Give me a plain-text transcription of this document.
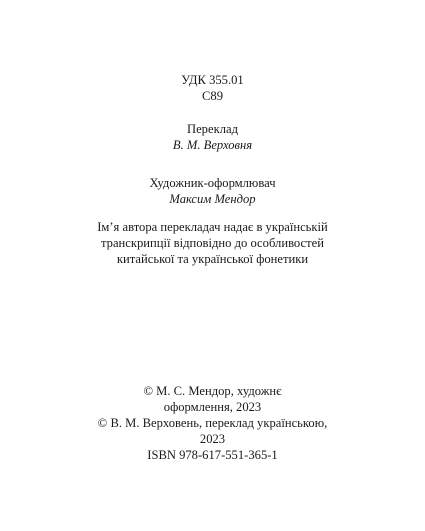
УДК 355.01
С89
Переклад
В. М. Верховня
Художник-оформлювач
Максим Мендор
Ім’я автора перекладач надає в українській
транскрипції відповідно до особливостей
китайської та української фонетики
© М. С. Мендор, художнє
оформлення, 2023
© В. М. Верховень, переклад українською,
2023
ISBN 978-617-551-365-1
